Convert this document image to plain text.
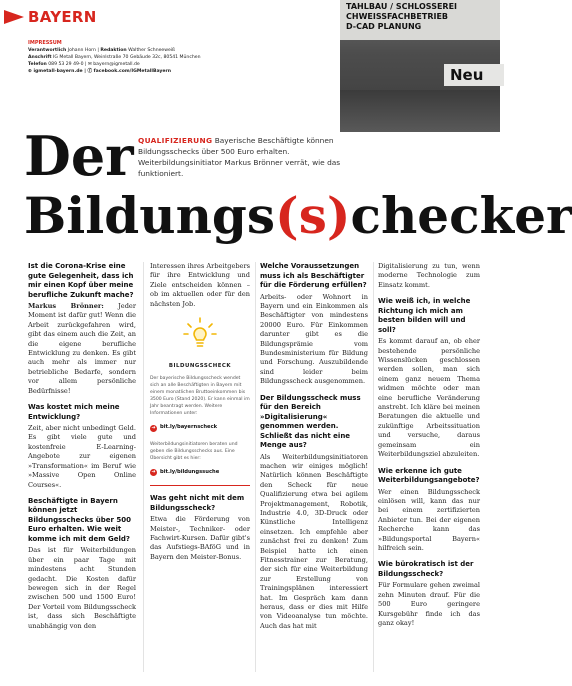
BAYERN
IMPRESSUM
Verantwortlich Johann Horn | Redaktion Walther Schneeweiß
Anschrift IG Metall Bayern, Weinlstraße 70 Gebäude 32c, 80541 München
Telefon 089 53 29 49-0 | ✉ bayern@igmetall.de
⊕ igmetall-bayern.de | ⓕ facebook.com/IGMetallBayern
TAHLBAU / SCHLOSSEREI
CHWEISSFACHBETRIEB
D-CAD PLANUNG
Neu
Der
Bildungs(s)checker
QUALIFIZIERUNG Bayerische Beschäftigte können Bildungsschecks über 500 Euro erhalten. Weiterbildungsinitiator Markus Brönner verrät, wie das funktioniert.
Ist die Corona-Krise eine gute Gelegenheit, dass ich mir einen Kopf über meine berufliche Zukunft mache?

Markus Brönner: Jeder Moment ist dafür gut! Wenn die Arbeit zurückgefahren wird, gibt das einem auch die Zeit, an die eigene berufliche Entwicklung zu denken. Es gibt auch mehr als immer nur betriebliche Bedarfe, sondern vor allem persönliche Bedürfnisse!

Was kostet mich meine Entwicklung?

Zeit, aber nicht unbedingt Geld. Es gibt viele gute und kostenfreie E-Learning-Angebote zur eigenen »Transformation« im Beruf wie »Massive Open Online Courses«.

Beschäftigte in Bayern können jetzt Bildungsschecks über 500 Euro erhalten. Wie weit komme ich mit dem Geld?

Das ist für Weiterbildungen über ein paar Tage mit mindestens acht Stunden gedacht. Die Kosten dafür bewegen sich in der Regel zwischen 500 und 1500 Euro! Der Vorteil vom Bildungsscheck ist, dass sich Beschäftigte unabhängig von den

Interessen ihres Arbeitgebers für ihre Entwicklung und Ziele entscheiden können – ob im aktuellen oder für den nächsten Job.

BILDUNGSSCHECK
Der bayerische Bildungsscheck wendet sich an alle Beschäftigten in Bayern mit einem monatlichen Bruttoeinkommen bis 3500 Euro (Stand 2020). Er kann einmal im Jahr beantragt werden. Weitere Informationen unter:
➜ bit.ly/bayernscheck
Weiterbildungsinitiatoren beraten und geben die Bildungsschecks aus. Eine Übersicht gibt es hier:
➜ bit.ly/bildungssuche
Was geht nicht mit dem Bildungsscheck?

Etwa die Förderung von Meister-, Techniker- oder Fachwirt-Kursen. Dafür gibt's das Aufstiegs-BAföG und in Bayern den Meister-Bonus.

Welche Voraussetzungen muss ich als Beschäftigter für die Förderung erfüllen?

Arbeits- oder Wohnort in Bayern und ein Einkommen als Beschäftigter von mindestens 20000 Euro. Für Einkommen darunter gibt es die Bildungsprämie vom Bundesministerium für Bildung und Forschung. Auszubildende sind leider beim Bildungsscheck ausgenommen.

Der Bildungsscheck muss für den Bereich »Digitalisierung« genommen werden. Schließt das nicht eine Menge aus?

Als Weiterbildungsinitiatoren machen wir einiges möglich! Natürlich können Beschäftigte den Scheck für neue Qualifizierung etwa bei agilem Projektmanagement, Robotik, Industrie 4.0, 3D-Druck oder Künstliche Intelligenz einsetzen. Ich empfehle aber zunächst frei zu denken! Zum Beispiel hatte ich einen Fitnesstrainer zur Beratung, der sich für eine Weiterbildung zur Erstellung von Trainingsplänen interessiert hat. Im Gespräch kam dann heraus, dass er dies mit Hilfe von Videoanalyse tun möchte. Auch das hat mit

Digitalisierung zu tun, wenn moderne Technologie zum Einsatz kommt.

Wie weiß ich, in welche Richtung ich mich am besten bilden will und soll?

Es kommt darauf an, ob eher bestehende persönliche Wissenslücken geschlossen werden sollen, man sich einem ganz neuem Thema widmen möchte oder man eine berufliche Veränderung anstrebt. Ich kläre bei meinen Beratungen die aktuelle und zukünftige Arbeitssituation und versuche, daraus gemeinsam ein Weiterbildungsziel abzuleiten.

Wie erkenne ich gute Weiterbildungsangebote?

Wer einen Bildungsscheck einlösen will, kann das nur bei einem zertifizierten Anbieter tun. Bei der eigenen Recherche kann das »Bildungsportal Bayern« hilfreich sein.

Wie bürokratisch ist der Bildungsscheck?

Für Formulare gehen zweimal zehn Minuten drauf. Für die 500 Euro geringere Kursgebühr finde ich das ganz okay!
